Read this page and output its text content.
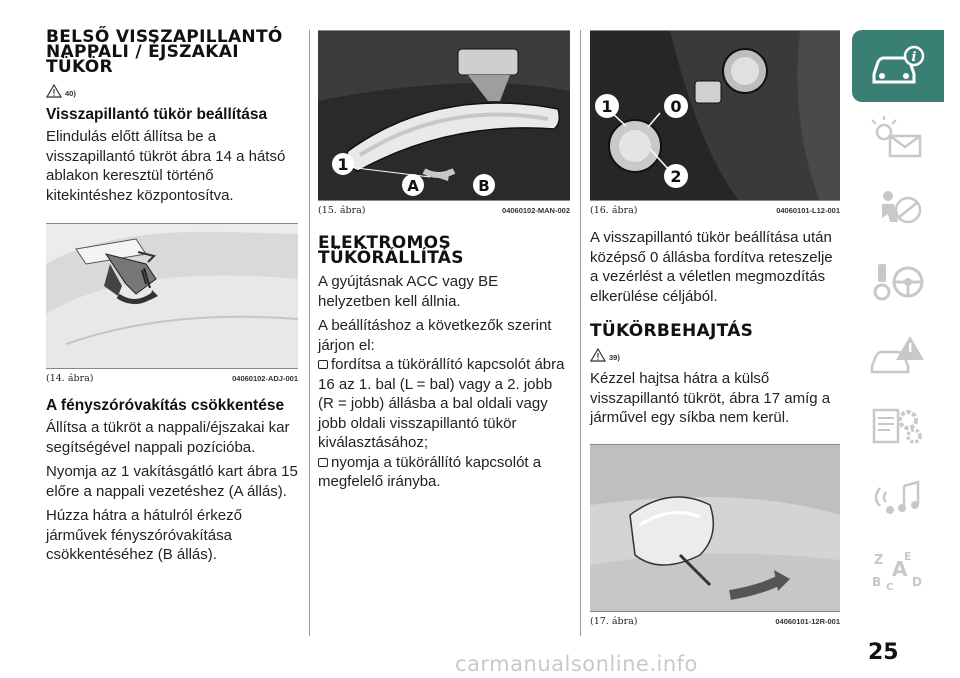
BELSŐ VISSZAPILLANTÓ
NAPPALI / ÉJSZAKAI
TÜKÖR
40)
Visszapillantó tükör beállítása

Elindulás előtt állítsa be a visszapillantó tükröt ábra 14 a hátsó ablakon keresztül történő kitekintéshez központosítva.

(14. ábra)	04060102-ADJ-001
A fényszóróvakítás csökkentése

Állítsa a tükröt a nappali/éjszakai kar segítségével nappali pozícióba.

Nyomja az 1 vakításgátló kart ábra 15 előre a nappali vezetéshez (A állás).

Húzza hátra a hátulról érkező járművek fényszóróvakítása csökkentéséhez (B állás).

1
A	B
(15. ábra)	04060102-MAN-002
ELEKTROMOS
TÜKÖRÁLLÍTÁS

A gyújtásnak ACC vagy BE helyzetben kell állnia.

A beállításhoz a következők szerint járjon el:

fordítsa a tükörállító kapcsolót ábra 16 az 1. bal (L = bal) vagy a 2. jobb (R = jobb) állásba a bal oldali vagy jobb oldali visszapillantó tükör kiválasztásához;

nyomja a tükörállító kapcsolót a megfelelő irányba.

1	0
2
(16. ábra)	04060101-L12-001

A visszapillantó tükör beállítása után középső 0 állásba fordítva reteszelje a vezérlést a véletlen megmozdítás elkerülése céljából.

TÜKÖRBEHAJTÁS
39)

Kézzel hajtsa hátra a külső visszapillantó tükröt, ábra 17 amíg a járművel egy síkba nem kerül.

(17. ábra)	04060101-12R-001
i
Z E
A
B C D
25
carmanualsonline.info
